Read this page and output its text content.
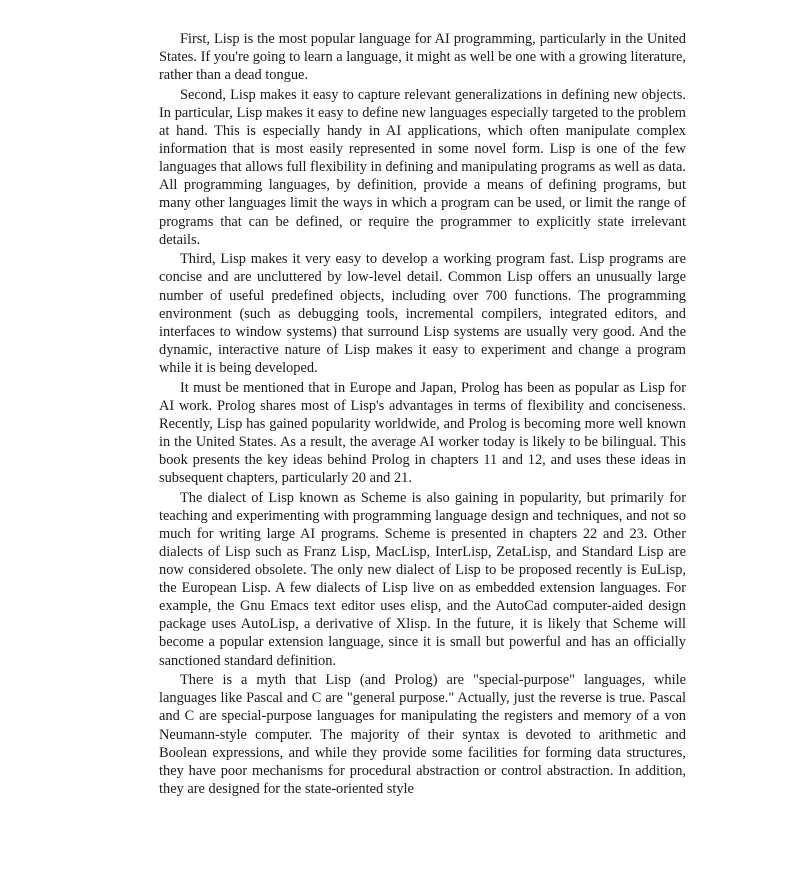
First, Lisp is the most popular language for AI programming, particularly in the United States. If you're going to learn a language, it might as well be one with a growing literature, rather than a dead tongue.

Second, Lisp makes it easy to capture relevant generalizations in defining new objects. In particular, Lisp makes it easy to define new languages especially targeted to the problem at hand. This is especially handy in AI applications, which often manipulate complex information that is most easily represented in some novel form. Lisp is one of the few languages that allows full flexibility in defining and manipulating programs as well as data. All programming languages, by definition, provide a means of defining programs, but many other languages limit the ways in which a program can be used, or limit the range of programs that can be defined, or require the programmer to explicitly state irrelevant details.

Third, Lisp makes it very easy to develop a working program fast. Lisp programs are concise and are uncluttered by low-level detail. Common Lisp offers an unusually large number of useful predefined objects, including over 700 functions. The programming environment (such as debugging tools, incremental compilers, integrated editors, and interfaces to window systems) that surround Lisp systems are usually very good. And the dynamic, interactive nature of Lisp makes it easy to experiment and change a program while it is being developed.

It must be mentioned that in Europe and Japan, Prolog has been as popular as Lisp for AI work. Prolog shares most of Lisp's advantages in terms of flexibility and conciseness. Recently, Lisp has gained popularity worldwide, and Prolog is becoming more well known in the United States. As a result, the average AI worker today is likely to be bilingual. This book presents the key ideas behind Prolog in chapters 11 and 12, and uses these ideas in subsequent chapters, particularly 20 and 21.

The dialect of Lisp known as Scheme is also gaining in popularity, but primarily for teaching and experimenting with programming language design and techniques, and not so much for writing large AI programs. Scheme is presented in chapters 22 and 23. Other dialects of Lisp such as Franz Lisp, MacLisp, InterLisp, ZetaLisp, and Standard Lisp are now considered obsolete. The only new dialect of Lisp to be proposed recently is EuLisp, the European Lisp. A few dialects of Lisp live on as embedded extension languages. For example, the Gnu Emacs text editor uses elisp, and the AutoCad computer-aided design package uses AutoLisp, a derivative of Xlisp. In the future, it is likely that Scheme will become a popular extension language, since it is small but powerful and has an officially sanctioned standard definition.

There is a myth that Lisp (and Prolog) are "special-purpose" languages, while languages like Pascal and C are "general purpose." Actually, just the reverse is true. Pascal and C are special-purpose languages for manipulating the registers and memory of a von Neumann-style computer. The majority of their syntax is devoted to arithmetic and Boolean expressions, and while they provide some facilities for forming data structures, they have poor mechanisms for procedural abstraction or control abstraction. In addition, they are designed for the state-oriented style
